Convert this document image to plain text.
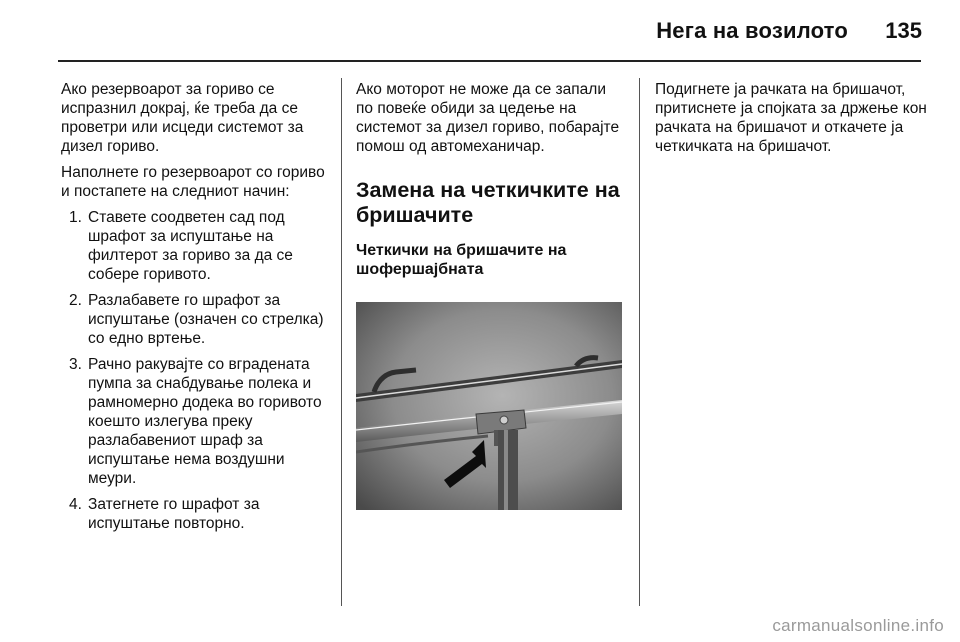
Нега на возилото	135

Ако резервоарот за гориво се испразнил докрај, ќе треба да се проветри или исцеди системот за дизел гориво.

Наполнете го резервоарот со гориво и постапете на следниот начин:

1. Ставете соодветен сад под шрафот за испуштање на филтерот за гориво за да се собере горивото.
2. Разлабавете го шрафот за испуштање (означен со стрелка) со едно вртење.
3. Рачно ракувајте со вградената пумпа за снабдување полека и рамномерно додека во горивото коешто излегува преку разлабавениот шраф за испуштање нема воздушни меури.
4. Затегнете го шрафот за испуштање повторно.

Ако моторот не може да се запали по повеќе обиди за цедење на системот за дизел гориво, побарајте помош од автомеханичар.

Замена на четкичките на бришачите
Четкички на бришачите на шофершајбната

Подигнете ја рачката на бришачот, притиснете ја спојката за држење кон рачката на бришачот и откачете ја четкичката на бришачот.

carmanualsonline.info
